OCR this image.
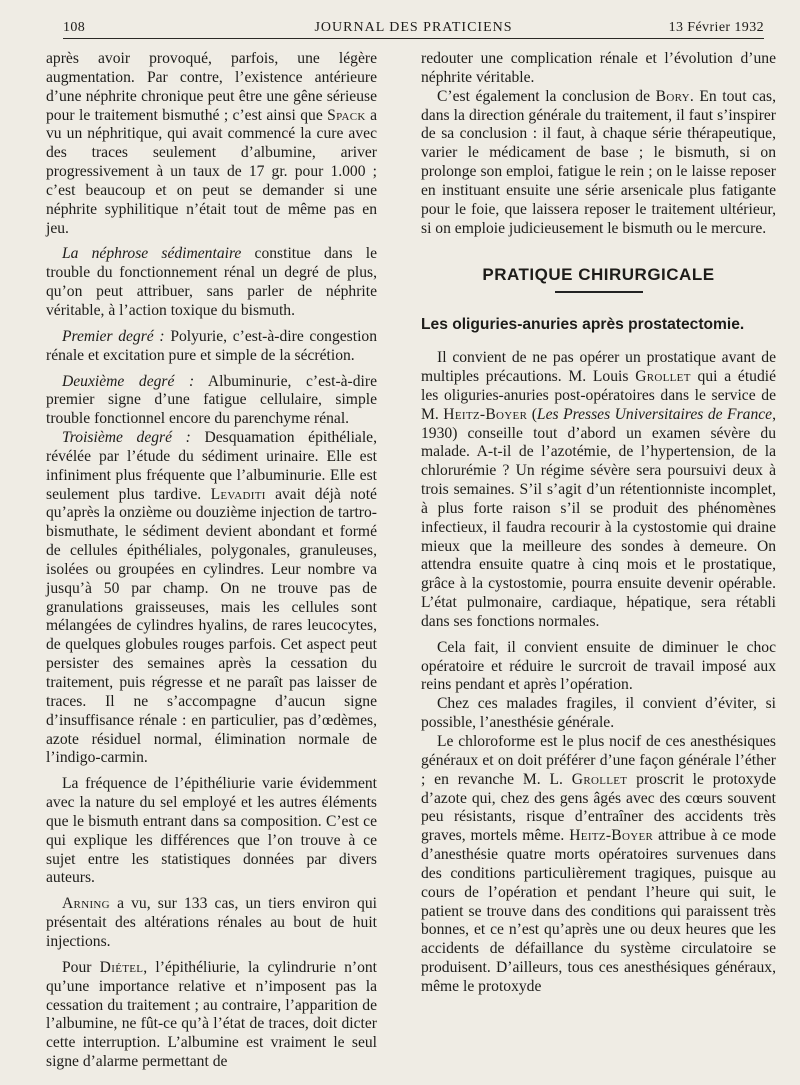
108	JOURNAL DES PRATICIENS	13 Février 1932

après avoir provoqué, parfois, une légère augmentation. Par contre, l’existence antérieure d’une néphrite chronique peut être une gêne sérieuse pour le traitement bismuthé ; c’est ainsi que Spack a vu un néphritique, qui avait commencé la cure avec des traces seulement d’albumine, ariver progressivement à un taux de 17 gr. pour 1.000 ; c’est beaucoup et on peut se demander si une néphrite syphilitique n’était tout de même pas en jeu.

La néphrose sédimentaire constitue dans le trouble du fonctionnement rénal un degré de plus, qu’on peut attribuer, sans parler de néphrite véritable, à l’action toxique du bismuth.

Premier degré : Polyurie, c’est-à-dire congestion rénale et excitation pure et simple de la sécrétion.

Deuxième degré : Albuminurie, c’est-à-dire premier signe d’une fatigue cellulaire, simple trouble fonctionnel encore du parenchyme rénal.

Troisième degré : Desquamation épithéliale, révélée par l’étude du sédiment urinaire. Elle est infiniment plus fréquente que l’albuminurie. Elle est seulement plus tardive. Levaditi avait déjà noté qu’après la onzième ou douzième injection de tartro-bismuthate, le sédiment devient abondant et formé de cellules épithéliales, polygonales, granuleuses, isolées ou groupées en cylindres. Leur nombre va jusqu’à 50 par champ. On ne trouve pas de granulations graisseuses, mais les cellules sont mélangées de cylindres hyalins, de rares leucocytes, de quelques globules rouges parfois. Cet aspect peut persister des semaines après la cessation du traitement, puis régresse et ne paraît pas laisser de traces. Il ne s’accompagne d’aucun signe d’insuffisance rénale : en particulier, pas d’œdèmes, azote résiduel normal, élimination normale de l’indigo-carmin.

La fréquence de l’épithéliurie varie évidemment avec la nature du sel employé et les autres éléments que le bismuth entrant dans sa composition. C’est ce qui explique les différences que l’on trouve à ce sujet entre les statistiques données par divers auteurs.

Arning a vu, sur 133 cas, un tiers environ qui présentait des altérations rénales au bout de huit injections.

Pour Diétel, l’épithéliurie, la cylindrurie n’ont qu’une importance relative et n’imposent pas la cessation du traitement ; au contraire, l’apparition de l’albumine, ne fût-ce qu’à l’état de traces, doit dicter cette interruption. L’albumine est vraiment le seul signe d’alarme permettant de

redouter une complication rénale et l’évolution d’une néphrite véritable.

C’est également la conclusion de Bory. En tout cas, dans la direction générale du traitement, il faut s’inspirer de sa conclusion : il faut, à chaque série thérapeutique, varier le médicament de base ; le bismuth, si on prolonge son emploi, fatigue le rein ; on le laisse reposer en instituant ensuite une série arsenicale plus fatigante pour le foie, que laissera reposer le traitement ultérieur, si on emploie judicieusement le bismuth ou le mercure.

PRATIQUE CHIRURGICALE
Les oliguries-anuries après prostatectomie.

Il convient de ne pas opérer un prostatique avant de multiples précautions. M. Louis Grollet qui a étudié les oliguries-anuries post-opératoires dans le service de M. Heitz-Boyer (Les Presses Universitaires de France, 1930) conseille tout d’abord un examen sévère du malade. A-t-il de l’azotémie, de l’hypertension, de la chlorurémie ? Un régime sévère sera poursuivi deux à trois semaines. S’il s’agit d’un rétentionniste incomplet, à plus forte raison s’il se produit des phénomènes infectieux, il faudra recourir à la cystostomie qui draine mieux que la meilleure des sondes à demeure. On attendra ensuite quatre à cinq mois et le prostatique, grâce à la cystostomie, pourra ensuite devenir opérable. L’état pulmonaire, cardiaque, hépatique, sera rétabli dans ses fonctions normales.

Cela fait, il convient ensuite de diminuer le choc opératoire et réduire le surcroit de travail imposé aux reins pendant et après l’opération.

Chez ces malades fragiles, il convient d’éviter, si possible, l’anesthésie générale.

Le chloroforme est le plus nocif de ces anesthésiques généraux et on doit préférer d’une façon générale l’éther ; en revanche M. L. Grollet proscrit le protoxyde d’azote qui, chez des gens âgés avec des cœurs souvent peu résistants, risque d’entraîner des accidents très graves, mortels même. Heitz-Boyer attribue à ce mode d’anesthésie quatre morts opératoires survenues dans des conditions particulièrement tragiques, puisque au cours de l’opération et pendant l’heure qui suit, le patient se trouve dans des conditions qui paraissent très bonnes, et ce n’est qu’après une ou deux heures que les accidents de défaillance du système circulatoire se produisent. D’ailleurs, tous ces anesthésiques généraux, même le protoxyde
